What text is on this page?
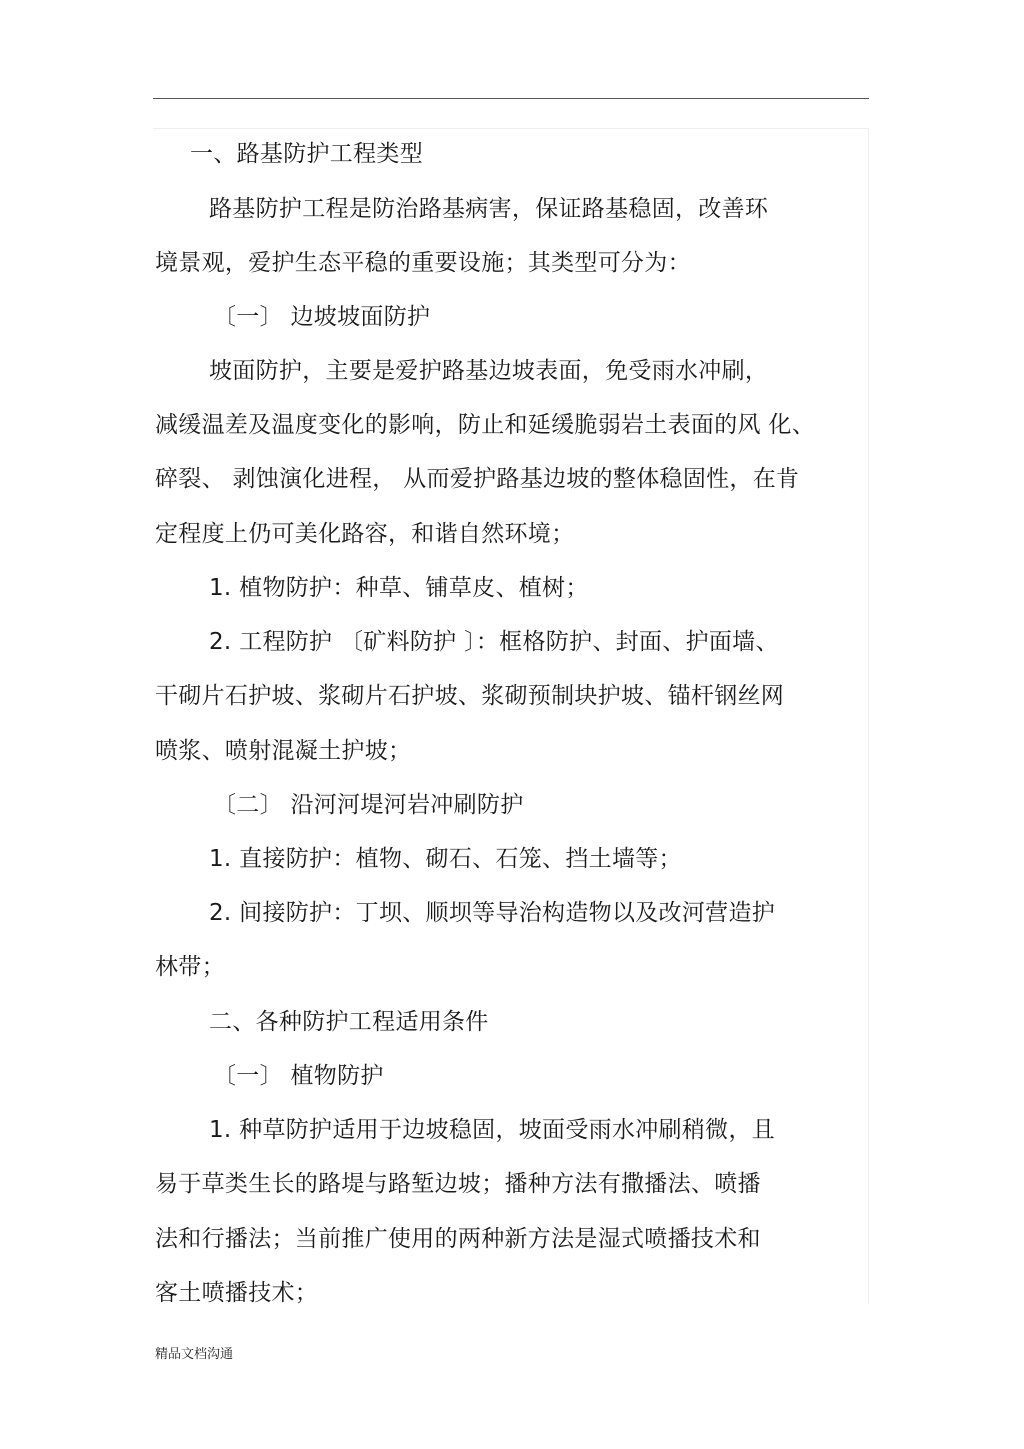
一、路基防护工程类型
路基防护工程是防治路基病害，保证路基稳固，改善环
境景观，爱护生态平稳的重要设施；其类型可分为：
〔一〕 边坡坡面防护
坡面防护，主要是爱护路基边坡表面，免受雨水冲刷，
减缓温差及温度变化的影响，防止和延缓脆弱岩土表面的风 化、
碎裂、 剥蚀演化进程， 从而爱护路基边坡的整体稳固性，在肯
定程度上仍可美化路容，和谐自然环境；
1. 植物防护：种草、铺草皮、植树；
2. 工程防护 〔矿料防护 〕：框格防护、封面、护面墙、
干砌片石护坡、浆砌片石护坡、浆砌预制块护坡、锚杆钢丝网
喷浆、喷射混凝土护坡；
〔二〕 沿河河堤河岩冲刷防护
1. 直接防护：植物、砌石、石笼、挡土墙等；
2. 间接防护：丁坝、顺坝等导治构造物以及改河营造护
林带；
二、各种防护工程适用条件
〔一〕 植物防护
1. 种草防护适用于边坡稳固，坡面受雨水冲刷稍微，且
易于草类生长的路堤与路堑边坡；播种方法有撒播法、喷播
法和行播法；当前推广使用的两种新方法是湿式喷播技术和
客土喷播技术；
精品文档沟通
